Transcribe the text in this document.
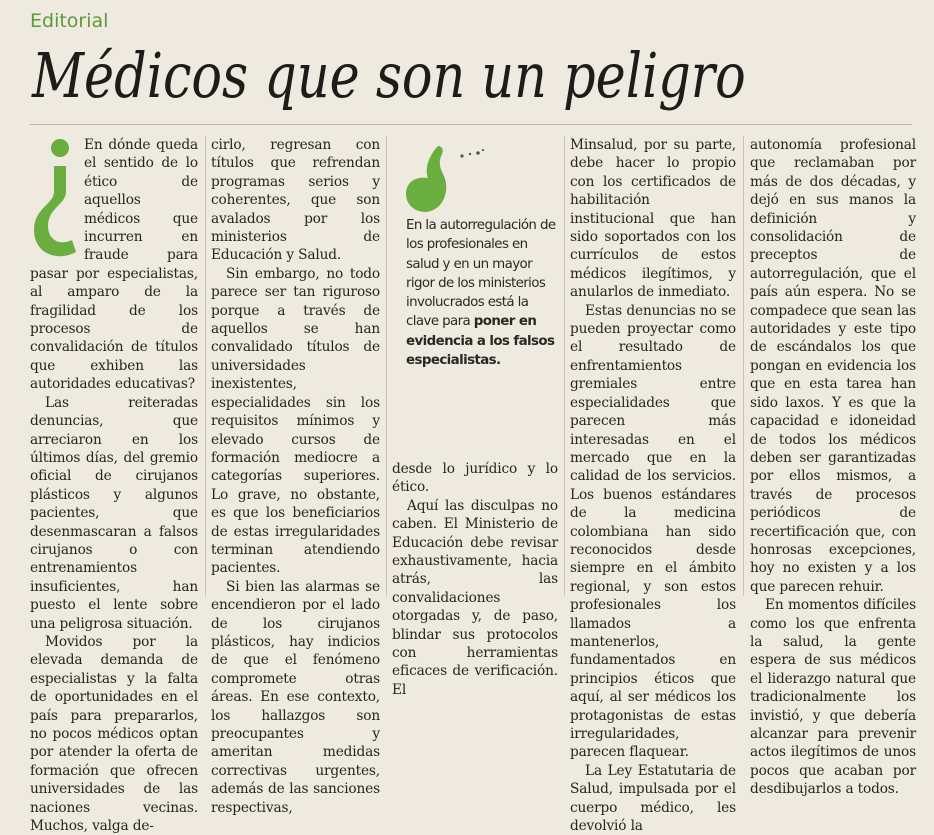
Editorial
Médicos que son un peligro

En dónde queda el sentido de lo ético de aquellos médicos que incurren en fraude para pasar por especialistas, al amparo de la fragilidad de los procesos de convalidación de títulos que exhiben las autoridades educativas?

Las reiteradas denuncias, que arreciaron en los últimos días, del gremio oficial de cirujanos plásticos y algunos pacientes, que desenmascaran a falsos cirujanos o con entrenamientos insuficientes, han puesto el lente sobre una peligrosa situación.

Movidos por la elevada demanda de especialistas y la falta de oportunidades en el país para prepararlos, no pocos médicos optan por atender la oferta de formación que ofrecen universidades de las naciones vecinas. Muchos, valga de-

cirlo, regresan con títulos que refrendan programas serios y coherentes, que son avalados por los ministerios de Educación y Salud.

Sin embargo, no todo parece ser tan riguroso porque a través de aquellos se han convalidado títulos de universidades inexistentes, especialidades sin los requisitos mínimos y elevado cursos de formación mediocre a categorías superiores. Lo grave, no obstante, es que los beneficiarios de estas irregularidades terminan atendiendo pacientes.

Si bien las alarmas se encendieron por el lado de los cirujanos plásticos, hay indicios de que el fenómeno compromete otras áreas. En ese contexto, los hallazgos son preocupantes y ameritan medidas correctivas urgentes, además de las sanciones respectivas,

En la autorregulación de los profesionales en salud y en un mayor rigor de los ministerios involucrados está la clave para poner en evidencia a los falsos especialistas.

desde lo jurídico y lo ético.

Aquí las disculpas no caben. El Ministerio de Educación debe revisar exhaustivamente, hacia atrás, las convalidaciones otorgadas y, de paso, blindar sus protocolos con herramientas eficaces de verificación. El

Minsalud, por su parte, debe hacer lo propio con los certificados de habilitación institucional que han sido soportados con los currículos de estos médicos ilegítimos, y anularlos de inmediato.

Estas denuncias no se pueden proyectar como el resultado de enfrentamientos gremiales entre especialidades que parecen más interesadas en el mercado que en la calidad de los servicios. Los buenos estándares de la medicina colombiana han sido reconocidos desde siempre en el ámbito regional, y son estos profesionales los llamados a mantenerlos, fundamentados en principios éticos que aquí, al ser médicos los protagonistas de estas irregularidades, parecen flaquear.

La Ley Estatutaria de Salud, impulsada por el cuerpo médico, les devolvió la

autonomía profesional que reclamaban por más de dos décadas, y dejó en sus manos la definición y consolidación de preceptos de autorregulación, que el país aún espera. No se compadece que sean las autoridades y este tipo de escándalos los que pongan en evidencia los que en esta tarea han sido laxos. Y es que la capacidad e idoneidad de todos los médicos deben ser garantizadas por ellos mismos, a través de procesos periódicos de recertificación que, con honrosas excepciones, hoy no existen y a los que parecen rehuir.

En momentos difíciles como los que enfrenta la salud, la gente espera de sus médicos el liderazgo natural que tradicionalmente los invistió, y que debería alcanzar para prevenir actos ilegítimos de unos pocos que acaban por desdibujarlos a todos.
